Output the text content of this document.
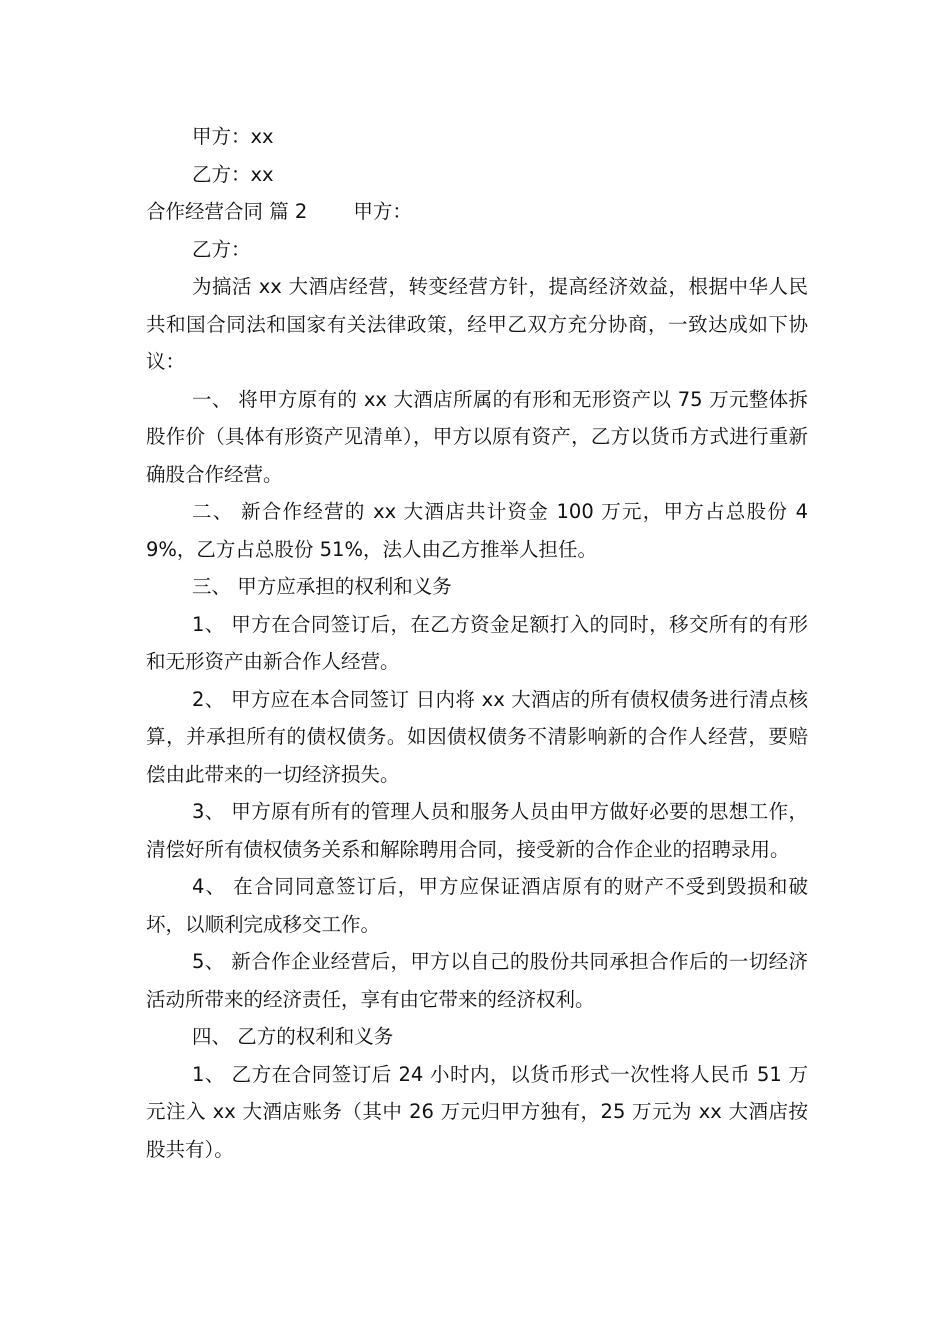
甲方：xx

乙方：xx

合作经营合同 篇 2 甲方：

乙方：

为搞活 xx 大酒店经营，转变经营方针，提高经济效益，根据中华人民共和国合同法和国家有关法律政策，经甲乙双方充分协商，一致达成如下协议：

一、 将甲方原有的 xx 大酒店所属的有形和无形资产以 75 万元整体拆股作价（具体有形资产见清单），甲方以原有资产，乙方以货币方式进行重新确股合作经营。

二、 新合作经营的 xx 大酒店共计资金 100 万元，甲方占总股份 49%，乙方占总股份 51%，法人由乙方推举人担任。

三、 甲方应承担的权利和义务

1、 甲方在合同签订后，在乙方资金足额打入的同时，移交所有的有形和无形资产由新合作人经营。

2、 甲方应在本合同签订 日内将 xx 大酒店的所有债权债务进行清点核算，并承担所有的债权债务。如因债权债务不清影响新的合作人经营，要赔偿由此带来的一切经济损失。

3、 甲方原有所有的管理人员和服务人员由甲方做好必要的思想工作，清偿好所有债权债务关系和解除聘用合同，接受新的合作企业的招聘录用。

4、 在合同同意签订后，甲方应保证酒店原有的财产不受到毁损和破坏，以顺利完成移交工作。

5、 新合作企业经营后，甲方以自己的股份共同承担合作后的一切经济活动所带来的经济责任，享有由它带来的经济权利。

四、 乙方的权利和义务

1、 乙方在合同签订后 24 小时内，以货币形式一次性将人民币 51 万元注入 xx 大酒店账务（其中 26 万元归甲方独有，25 万元为 xx 大酒店按股共有）。
